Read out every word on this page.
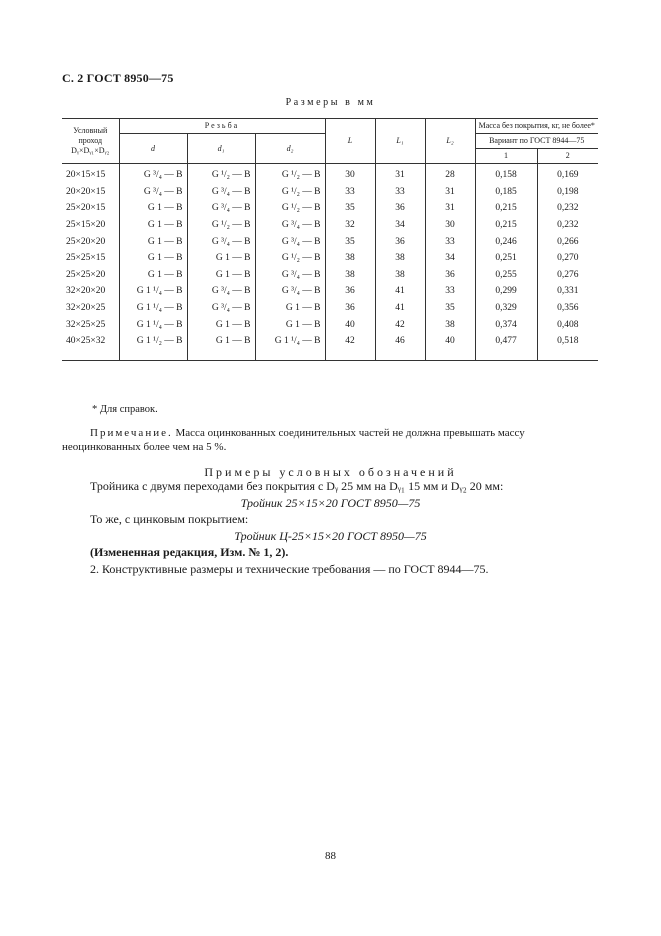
С. 2 ГОСТ 8950—75
Размеры в мм
Условный проход Dᵧ×Dᵧ₁×Dᵧ₂	Резьба			L	L₁	L₂	Масса без покрытия, кг, не более*	
	d	d₁	d₂				Вариант по ГОСТ 8944—75	
							1	2
20×15×15	G ³/₄ — B	G ¹/₂ — B	G ¹/₂ — B	30	31	28	0,158	0,169
20×20×15	G ³/₄ — B	G ³/₄ — B	G ¹/₂ — B	33	33	31	0,185	0,198
25×20×15	G 1 — B	G ³/₄ — B	G ¹/₂ — B	35	36	31	0,215	0,232
25×15×20	G 1 — B	G ¹/₂ — B	G ³/₄ — B	32	34	30	0,215	0,232
25×20×20	G 1 — B	G ³/₄ — B	G ³/₄ — B	35	36	33	0,246	0,266
25×25×15	G 1 — B	G 1 — B	G ¹/₂ — B	38	38	34	0,251	0,270
25×25×20	G 1 — B	G 1 — B	G ³/₄ — B	38	38	36	0,255	0,276
32×20×20	G 1 ¹/₄ — B	G ³/₄ — B	G ³/₄ — B	36	41	33	0,299	0,331
32×20×25	G 1 ¹/₄ — B	G ³/₄ — B	G 1 — B	36	41	35	0,329	0,356
32×25×25	G 1 ¹/₄ — B	G 1 — B	G 1 — B	40	42	38	0,374	0,408
40×25×32	G 1 ¹/₂ — B	G 1 — B	G 1 ¹/₄ — B	42	46	40	0,477	0,518

* Для справок.
Примечание. Масса оцинкованных соединительных частей не должна превышать массу неоцинкованных более чем на 5 %.
Примеры условных обозначений
Тройника с двумя переходами без покрытия с Dᵧ 25 мм на Dᵧ₁ 15 мм и Dᵧ₂ 20 мм:
Тройник 25×15×20 ГОСТ 8950—75
То же, с цинковым покрытием:
Тройник Ц-25×15×20 ГОСТ 8950—75
(Измененная редакция, Изм. № 1, 2).
2. Конструктивные размеры и технические требования — по ГОСТ 8944—75.
88
